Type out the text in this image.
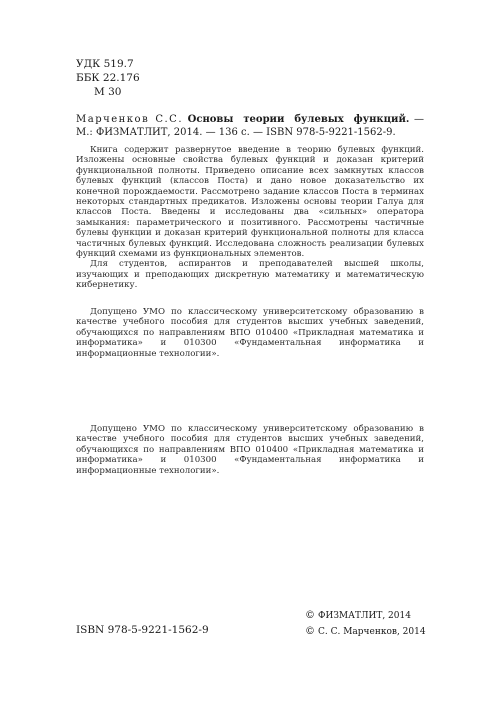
УДК 519.7
ББК 22.176
М 30
Марченков С.С. Основы теории булевых функций. — М.: ФИЗМАТЛИТ, 2014. — 136 с. — ISBN 978-5-9221-1562-9.

Книга содержит развернутое введение в теорию булевых функций. Изложены основные свойства булевых функций и доказан критерий функциональной полноты. Приведено описание всех замкнутых классов булевых функций (классов Поста) и дано новое доказательство их конечной порождаемости. Рассмотрено задание классов Поста в терминах некоторых стандартных предикатов. Изложены основы теории Галуа для классов Поста. Введены и исследованы два «сильных» оператора замыкания: параметрического и позитивного. Рассмотрены частичные булевы функции и доказан критерий функциональной полноты для класса частичных булевых функций. Исследована сложность реализации булевых функций схемами из функциональных элементов.

Для студентов, аспирантов и преподавателей высшей школы, изучающих и преподающих дискретную математику и математическую кибернетику.

Допущено УМО по классическому университетскому образованию в качестве учебного пособия для студентов высших учебных заведений, обучающихся по направлениям ВПО 010400 «Прикладная математика и информатика» и 010300 «Фундаментальная информатика и информационные технологии».

Допущено УМО по классическому университетскому образованию в качестве учебного пособия для студентов высших учебных заведений, обучающихся по направлениям ВПО 010400 «Прикладная математика и информатика» и 010300 «Фундаментальная информатика и информационные технологии».

ISBN 978-5-9221-1562-9
© ФИЗМАТЛИТ, 2014
© С. С. Марченков, 2014
